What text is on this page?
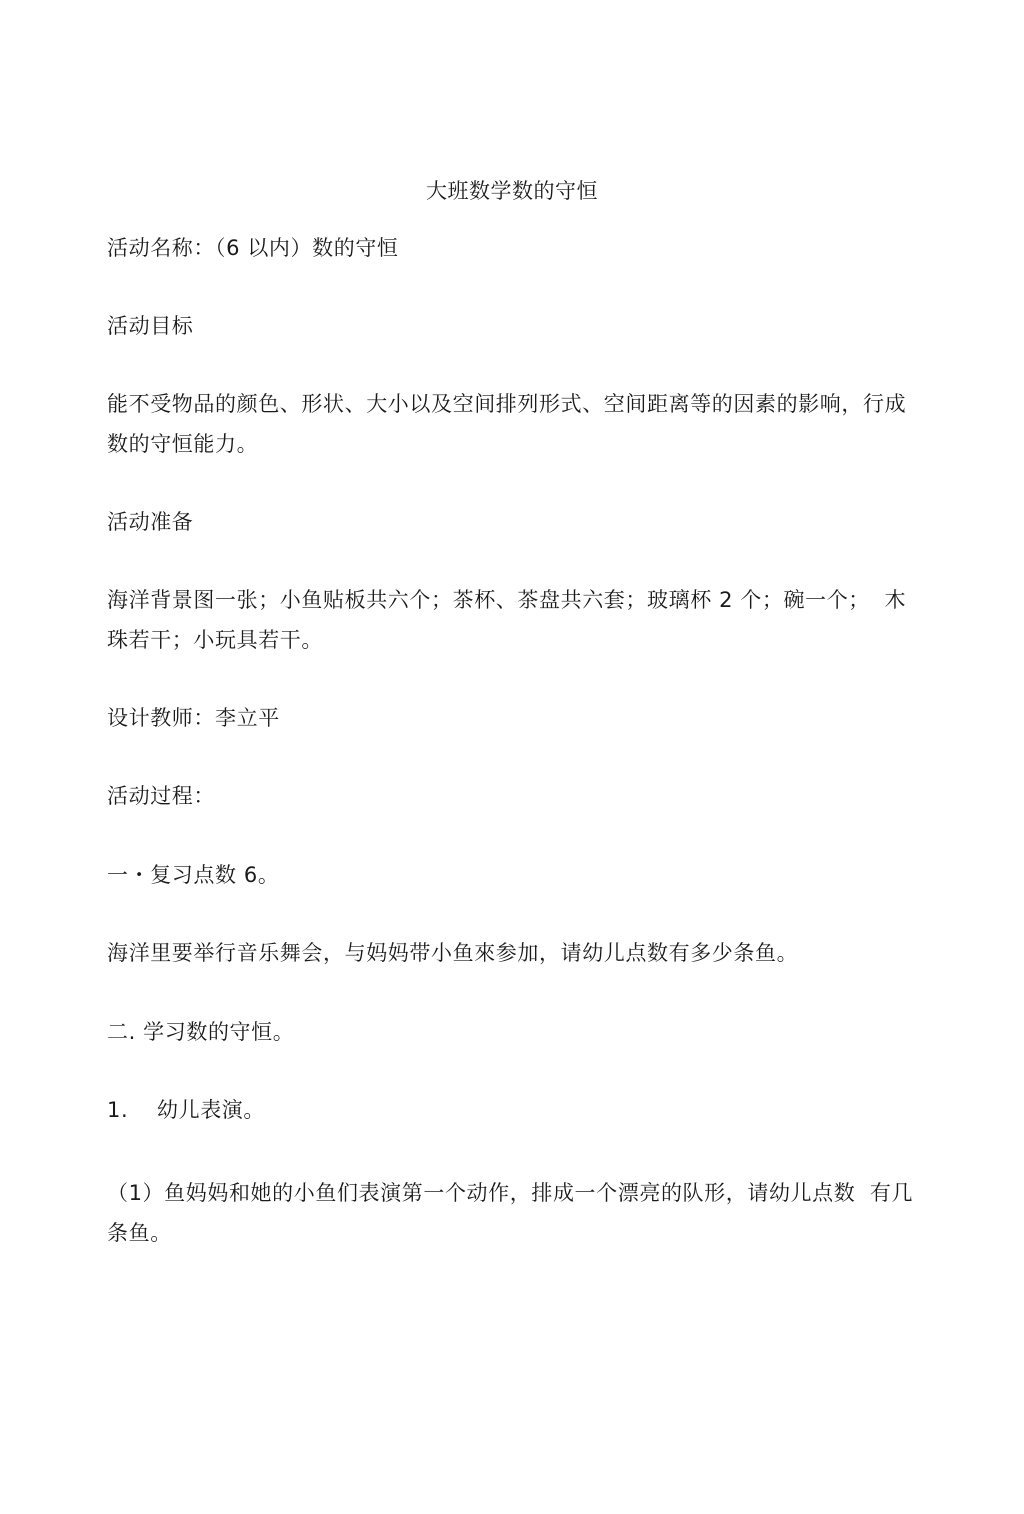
大班数学数的守恒

活动名称：（6 以内）数的守恒

活动目标

能不受物品的颜色、形状、大小以及空间排列形式、空间距离等的因素的影响，行成数的守恒能力。

活动准备

海洋背景图一张；小鱼贴板共六个；茶杯、茶盘共六套；玻璃杯 2 个；碗一个；  木珠若干；小玩具若干。

设计教师：李立平

活动过程：

一・复习点数 6。

海洋里要举行音乐舞会，与妈妈带小鱼來参加，请幼儿点数有多少条鱼。

二. 学习数的守恒。

1. 幼儿表演。

（1）鱼妈妈和她的小鱼们表演第一个动作，排成一个漂亮的队形，请幼儿点数  有几条鱼。
